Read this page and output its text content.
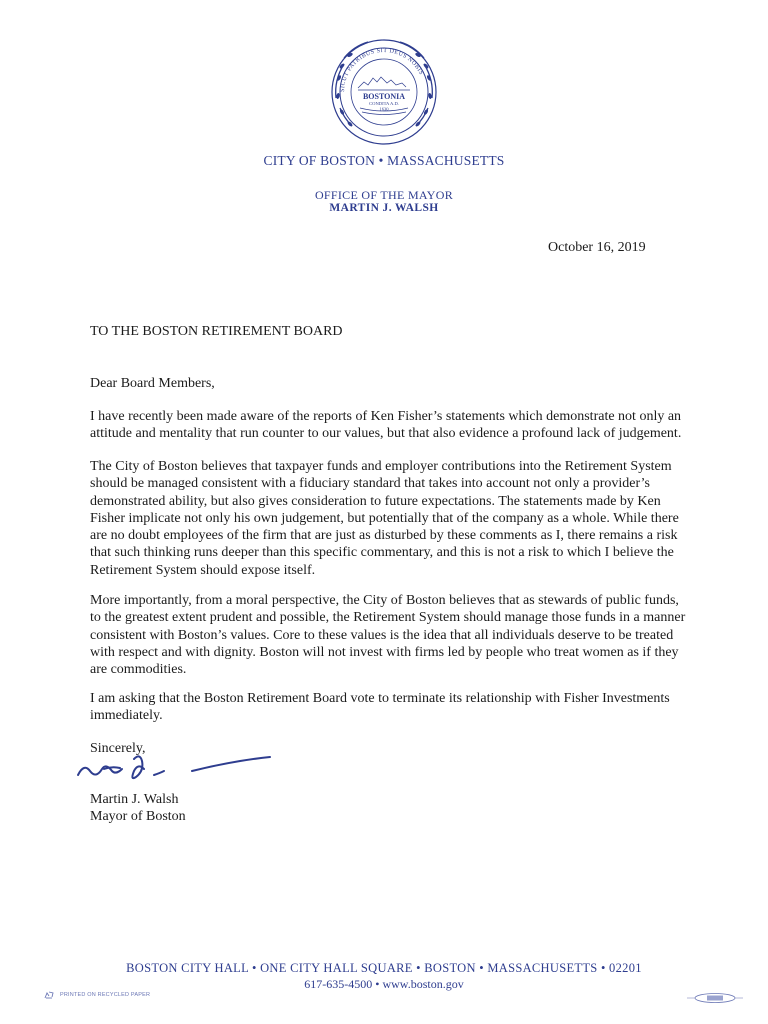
SICUT PATRIBUS SIT DEUS NOBIS
BOSTONIA
CONDITA A.D.
1630
CITY OF BOSTON • MASSACHUSETTS
OFFICE OF THE MAYOR
MARTIN J. WALSH
October 16, 2019
TO THE BOSTON RETIREMENT BOARD
Dear Board Members,
I have recently been made aware of the reports of Ken Fisher’s statements which demonstrate not only an attitude and mentality that run counter to our values, but that also evidence a profound lack of judgement.
The City of Boston believes that taxpayer funds and employer contributions into the Retirement System should be managed consistent with a fiduciary standard that takes into account not only a provider’s demonstrated ability, but also gives consideration to future expectations. The statements made by Ken Fisher implicate not only his own judgement, but potentially that of the company as a whole. While there are no doubt employees of the firm that are just as disturbed by these comments as I, there remains a risk that such thinking runs deeper than this specific commentary, and this is not a risk to which I believe the Retirement System should expose itself.
More importantly, from a moral perspective, the City of Boston believes that as stewards of public funds, to the greatest extent prudent and possible, the Retirement System should manage those funds in a manner consistent with Boston’s values. Core to these values is the idea that all individuals deserve to be treated with respect and with dignity. Boston will not invest with firms led by people who treat women as if they are commodities.
I am asking that the Boston Retirement Board vote to terminate its relationship with Fisher Investments immediately.
Sincerely,
Martin J. Walsh
Mayor of Boston
BOSTON CITY HALL • ONE CITY HALL SQUARE • BOSTON • MASSACHUSETTS • 02201
617-635-4500 • www.boston.gov
PRINTED ON RECYCLED PAPER
